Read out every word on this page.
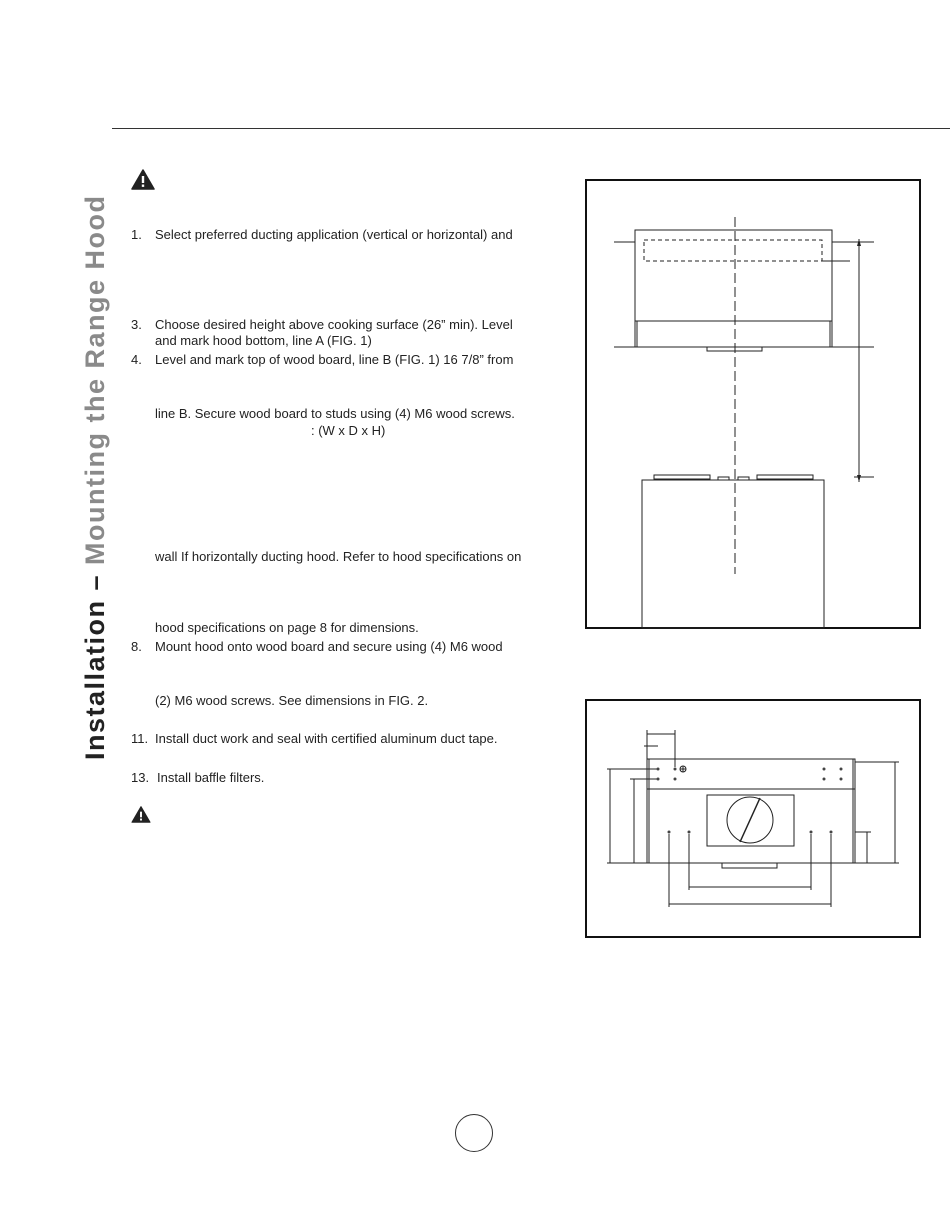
Installation – Mounting the Range Hood 1. Select preferred ducting application (vertical or horizontal) and
3. Choose desired height above cooking surface (26” min). Level
and mark hood bottom, line A (FIG. 1)
4. Level and mark top of wood board, line B (FIG. 1) 16 7/8” from
line B. Secure wood board to studs using (4) M6 wood screws.
: (W x D x H)
wall If horizontally ducting hood. Refer to hood specifications on
hood specifications on page 8 for dimensions.
8. Mount hood onto wood board and secure using (4) M6 wood
(2) M6 wood screws. See dimensions in FIG. 2.
11. Install duct work and seal with certified aluminum duct tape.
13. Install baffle filters.
